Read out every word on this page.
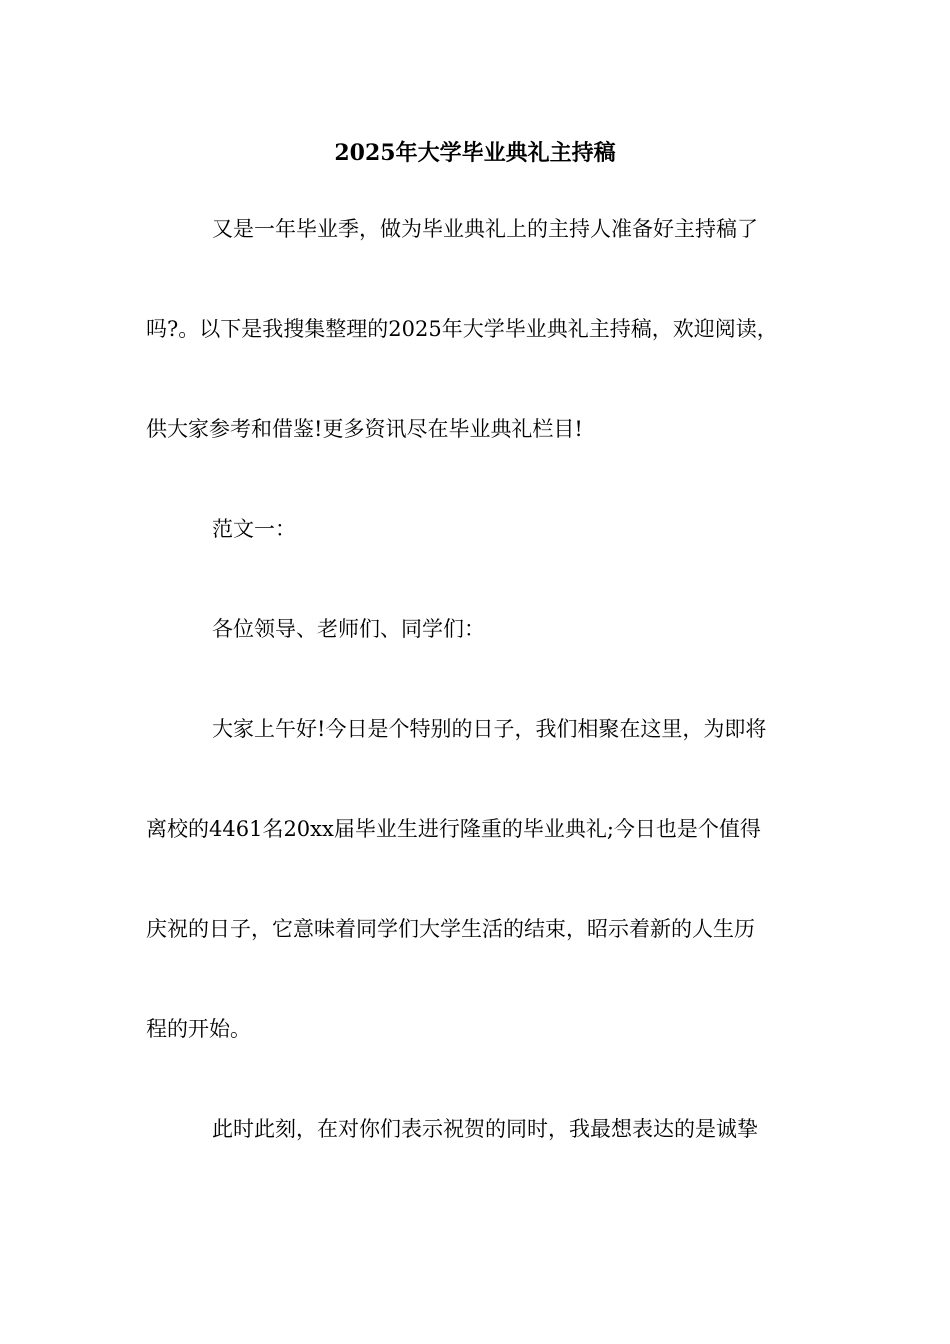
2025年大学毕业典礼主持稿
又是一年毕业季，做为毕业典礼上的主持人准备好主持稿了
吗?。以下是我搜集整理的2025年大学毕业典礼主持稿，欢迎阅读，
供大家参考和借鉴!更多资讯尽在毕业典礼栏目!
范文一：
各位领导、老师们、同学们：
大家上午好!今日是个特别的日子，我们相聚在这里，为即将
离校的4461名20xx届毕业生进行隆重的毕业典礼;今日也是个值得
庆祝的日子，它意味着同学们大学生活的结束，昭示着新的人生历
程的开始。
此时此刻，在对你们表示祝贺的同时，我最想表达的是诚挚
